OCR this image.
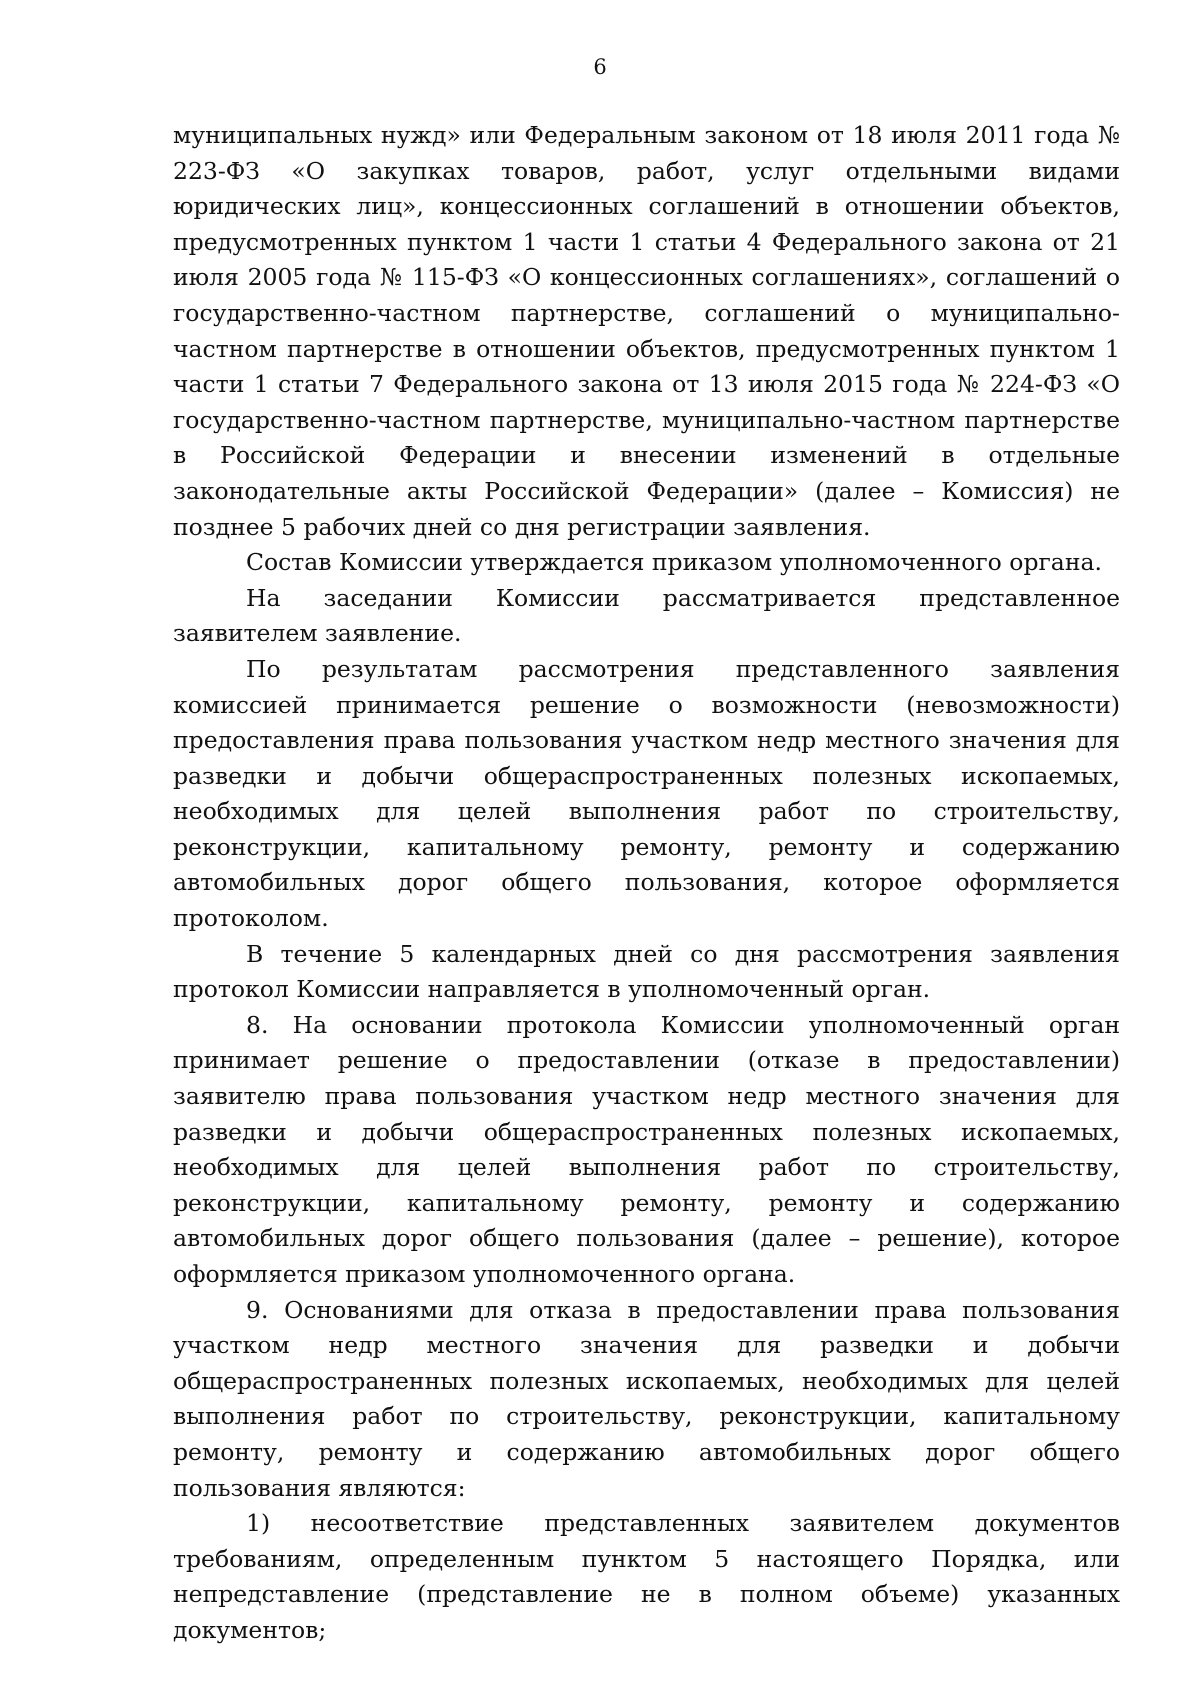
6

муниципальных нужд» или Федеральным законом от 18 июля 2011 года № 223-ФЗ «О закупках товаров, работ, услуг отдельными видами юридических лиц», концессионных соглашений в отношении объектов, предусмотренных пунктом 1 части 1 статьи 4 Федерального закона от 21 июля 2005 года № 115-ФЗ «О концессионных соглашениях», соглашений о государственно-частном партнерстве, соглашений о муниципально-частном партнерстве в отношении объектов, предусмотренных пунктом 1 части 1 статьи 7 Федерального закона от 13 июля 2015 года № 224-ФЗ «О государственно-частном партнерстве, муниципально-частном партнерстве в Российской Федерации и внесении изменений в отдельные законодательные акты Российской Федерации» (далее – Комиссия) не позднее 5 рабочих дней со дня регистрации заявления.

Состав Комиссии утверждается приказом уполномоченного органа.

На заседании Комиссии рассматривается представленное заявителем заявление.

По результатам рассмотрения представленного заявления комиссией принимается решение о возможности (невозможности) предоставления права пользования участком недр местного значения для разведки и добычи общераспространенных полезных ископаемых, необходимых для целей выполнения работ по строительству, реконструкции, капитальному ремонту, ремонту и содержанию автомобильных дорог общего пользования, которое оформляется протоколом.

В течение 5 календарных дней со дня рассмотрения заявления протокол Комиссии направляется в уполномоченный орган.

8. На основании протокола Комиссии уполномоченный орган принимает решение о предоставлении (отказе в предоставлении) заявителю права пользования участком недр местного значения для разведки и добычи общераспространенных полезных ископаемых, необходимых для целей выполнения работ по строительству, реконструкции, капитальному ремонту, ремонту и содержанию автомобильных дорог общего пользования (далее – решение), которое оформляется приказом уполномоченного органа.

9. Основаниями для отказа в предоставлении права пользования участком недр местного значения для разведки и добычи общераспространенных полезных ископаемых, необходимых для целей выполнения работ по строительству, реконструкции, капитальному ремонту, ремонту и содержанию автомобильных дорог общего пользования являются:

1) несоответствие представленных заявителем документов требованиям, определенным пунктом 5 настоящего Порядка, или непредставление (представление не в полном объеме) указанных документов;
